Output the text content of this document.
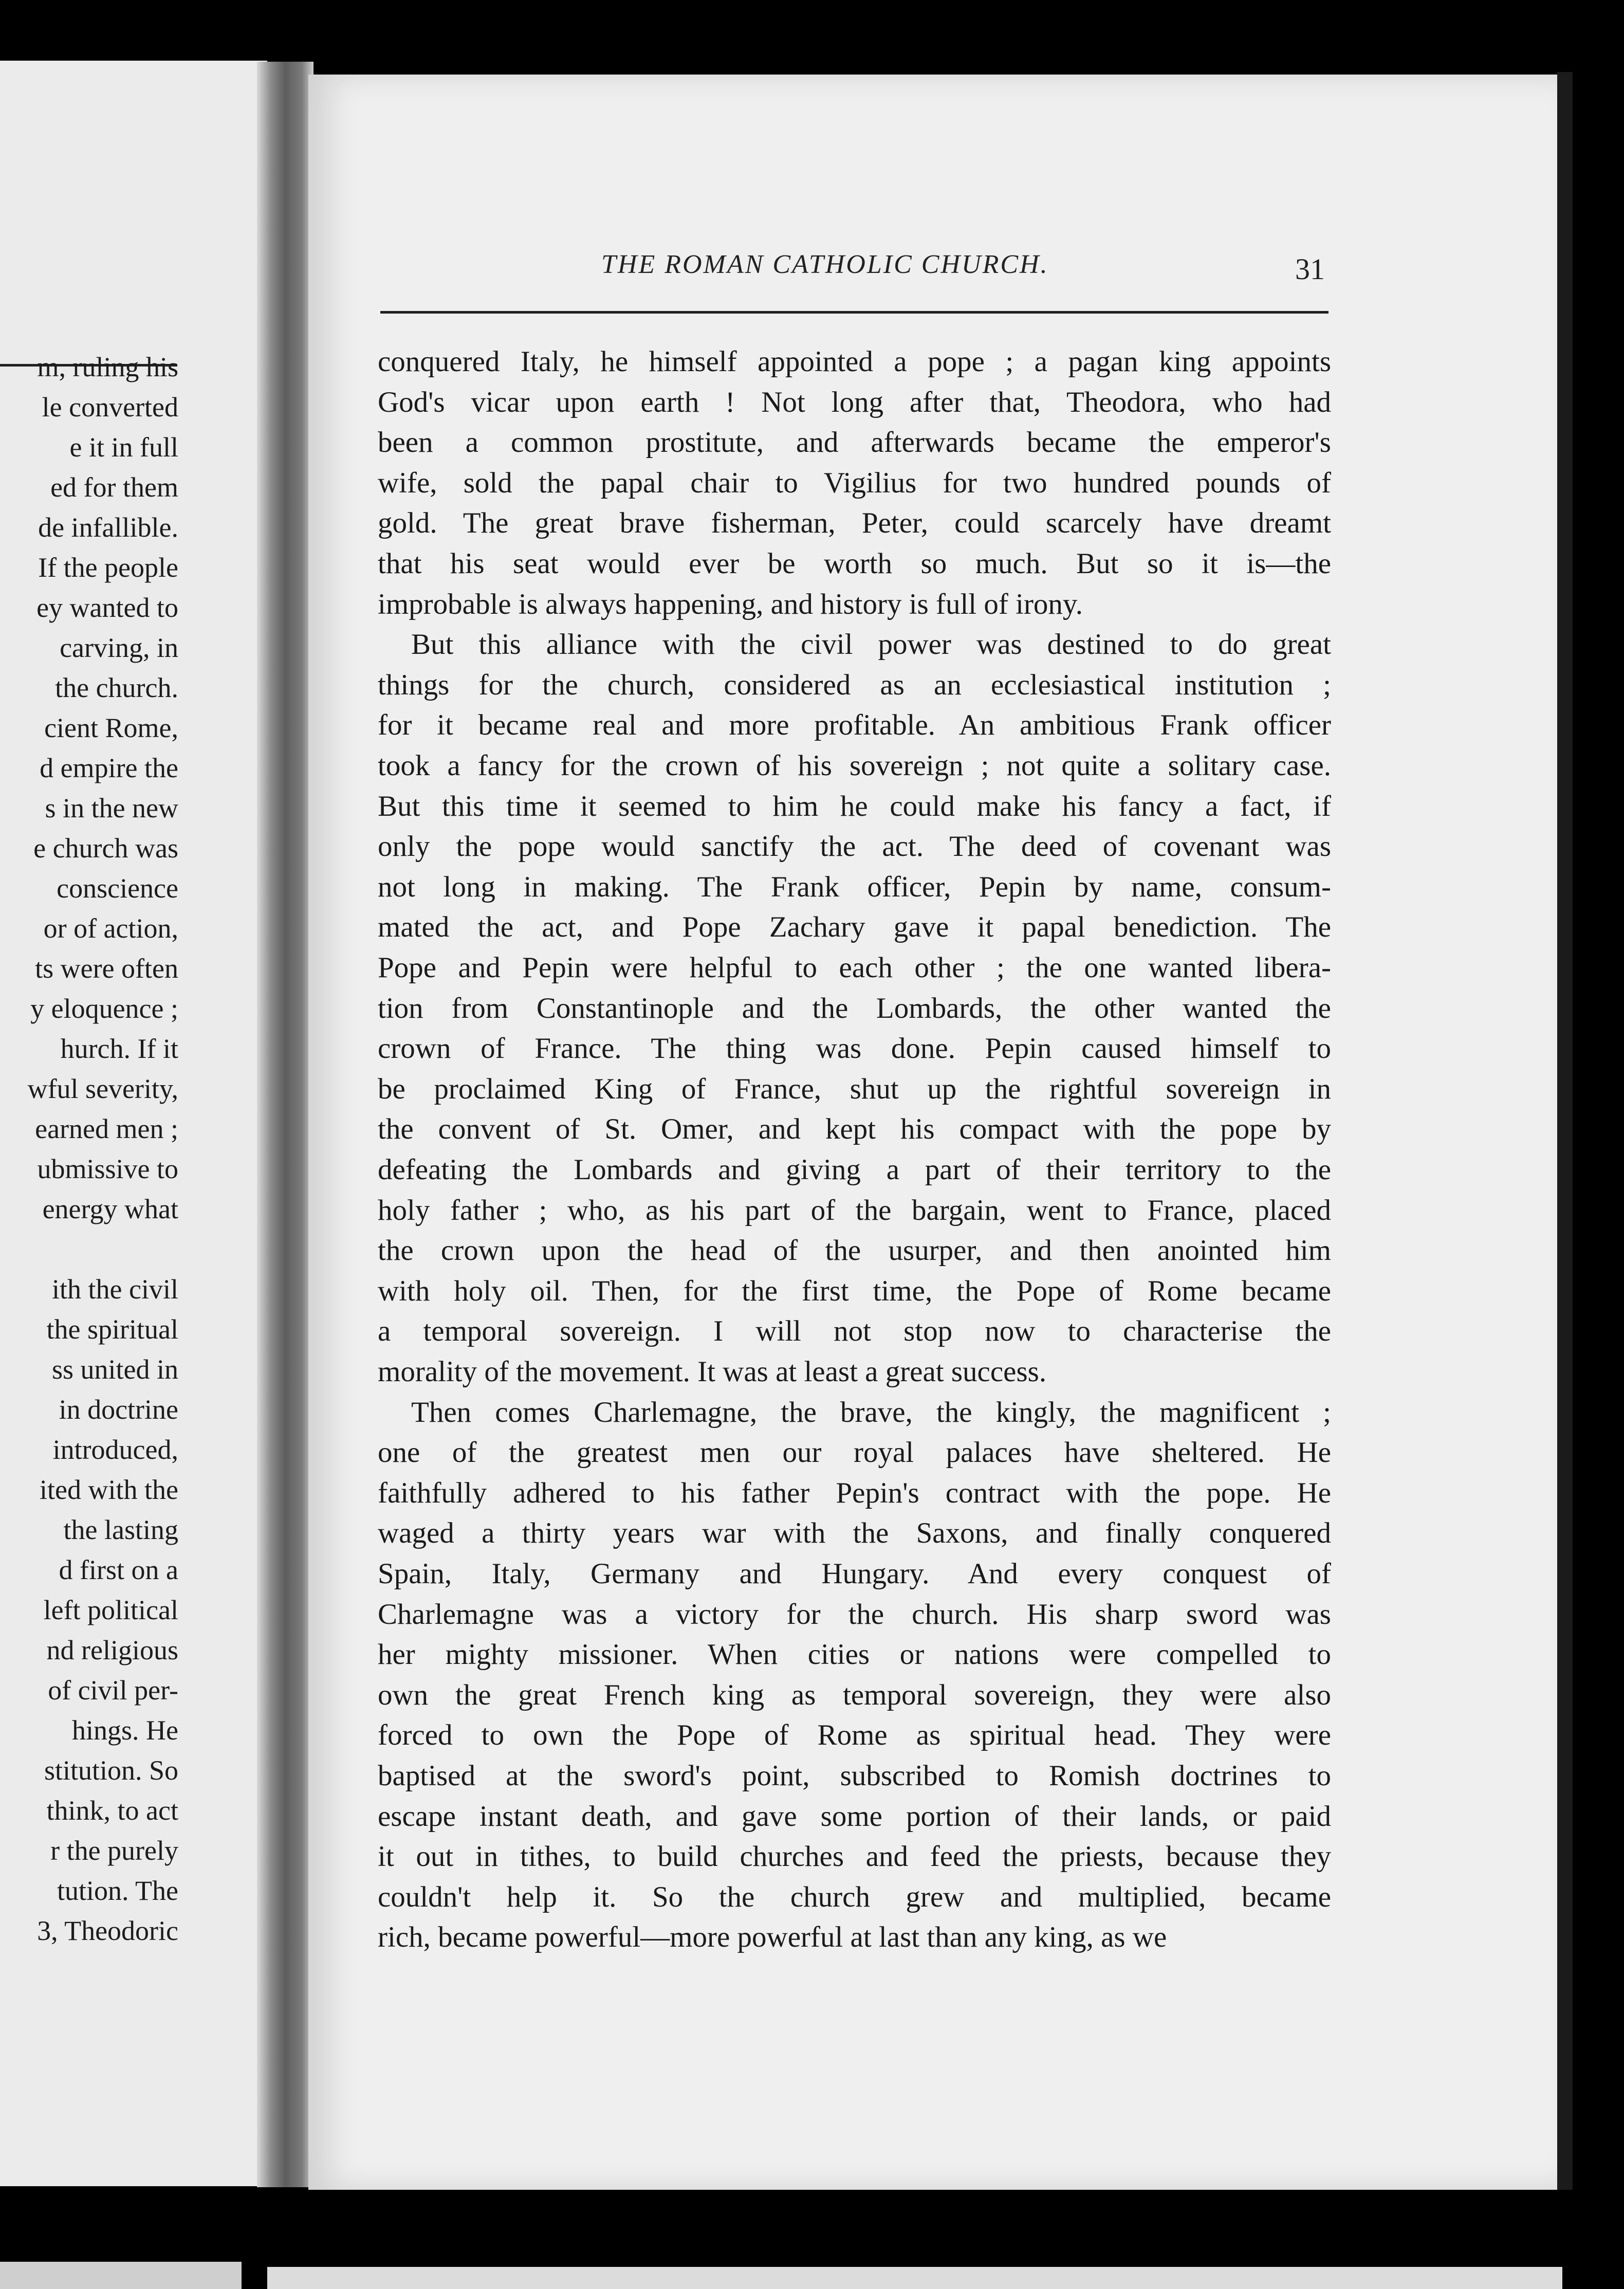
m, ruling his
le converted
e it in full
ed for them
de infallible.
If the people
ey wanted to
carving, in
the church.
cient Rome,
d empire the
s in the new
e church was
conscience
or of action,
ts were often
y eloquence ;
hurch. If it
wful severity,
earned men ;
ubmissive to
energy what
ith the civil
the spiritual
ss united in
in doctrine
introduced,
ited with the
the lasting
d first on a
left political
nd religious
of civil per-
hings. He
stitution. So
think, to act
r the purely
tution. The
3, Theodoric
THE ROMAN CATHOLIC CHURCH.	31
conquered Italy, he himself appointed a pope ; a pagan king appoints
God's vicar upon earth ! Not long after that, Theodora, who had
been a common prostitute, and afterwards became the emperor's
wife, sold the papal chair to Vigilius for two hundred pounds of
gold. The great brave fisherman, Peter, could scarcely have dreamt
that his seat would ever be worth so much. But so it is—the
improbable is always happening, and history is full of irony.
But this alliance with the civil power was destined to do great
things for the church, considered as an ecclesiastical institution ;
for it became real and more profitable. An ambitious Frank officer
took a fancy for the crown of his sovereign ; not quite a solitary case.
But this time it seemed to him he could make his fancy a fact, if
only the pope would sanctify the act. The deed of covenant was
not long in making. The Frank officer, Pepin by name, consum-
mated the act, and Pope Zachary gave it papal benediction. The
Pope and Pepin were helpful to each other ; the one wanted libera-
tion from Constantinople and the Lombards, the other wanted the
crown of France. The thing was done. Pepin caused himself to
be proclaimed King of France, shut up the rightful sovereign in
the convent of St. Omer, and kept his compact with the pope by
defeating the Lombards and giving a part of their territory to the
holy father ; who, as his part of the bargain, went to France, placed
the crown upon the head of the usurper, and then anointed him
with holy oil. Then, for the first time, the Pope of Rome became
a temporal sovereign. I will not stop now to characterise the
morality of the movement. It was at least a great success.
Then comes Charlemagne, the brave, the kingly, the magnificent ;
one of the greatest men our royal palaces have sheltered. He
faithfully adhered to his father Pepin's contract with the pope. He
waged a thirty years war with the Saxons, and finally conquered
Spain, Italy, Germany and Hungary. And every conquest of
Charlemagne was a victory for the church. His sharp sword was
her mighty missioner. When cities or nations were compelled to
own the great French king as temporal sovereign, they were also
forced to own the Pope of Rome as spiritual head. They were
baptised at the sword's point, subscribed to Romish doctrines to
escape instant death, and gave some portion of their lands, or paid
it out in tithes, to build churches and feed the priests, because they
couldn't help it. So the church grew and multiplied, became
rich, became powerful—more powerful at last than any king, as we
